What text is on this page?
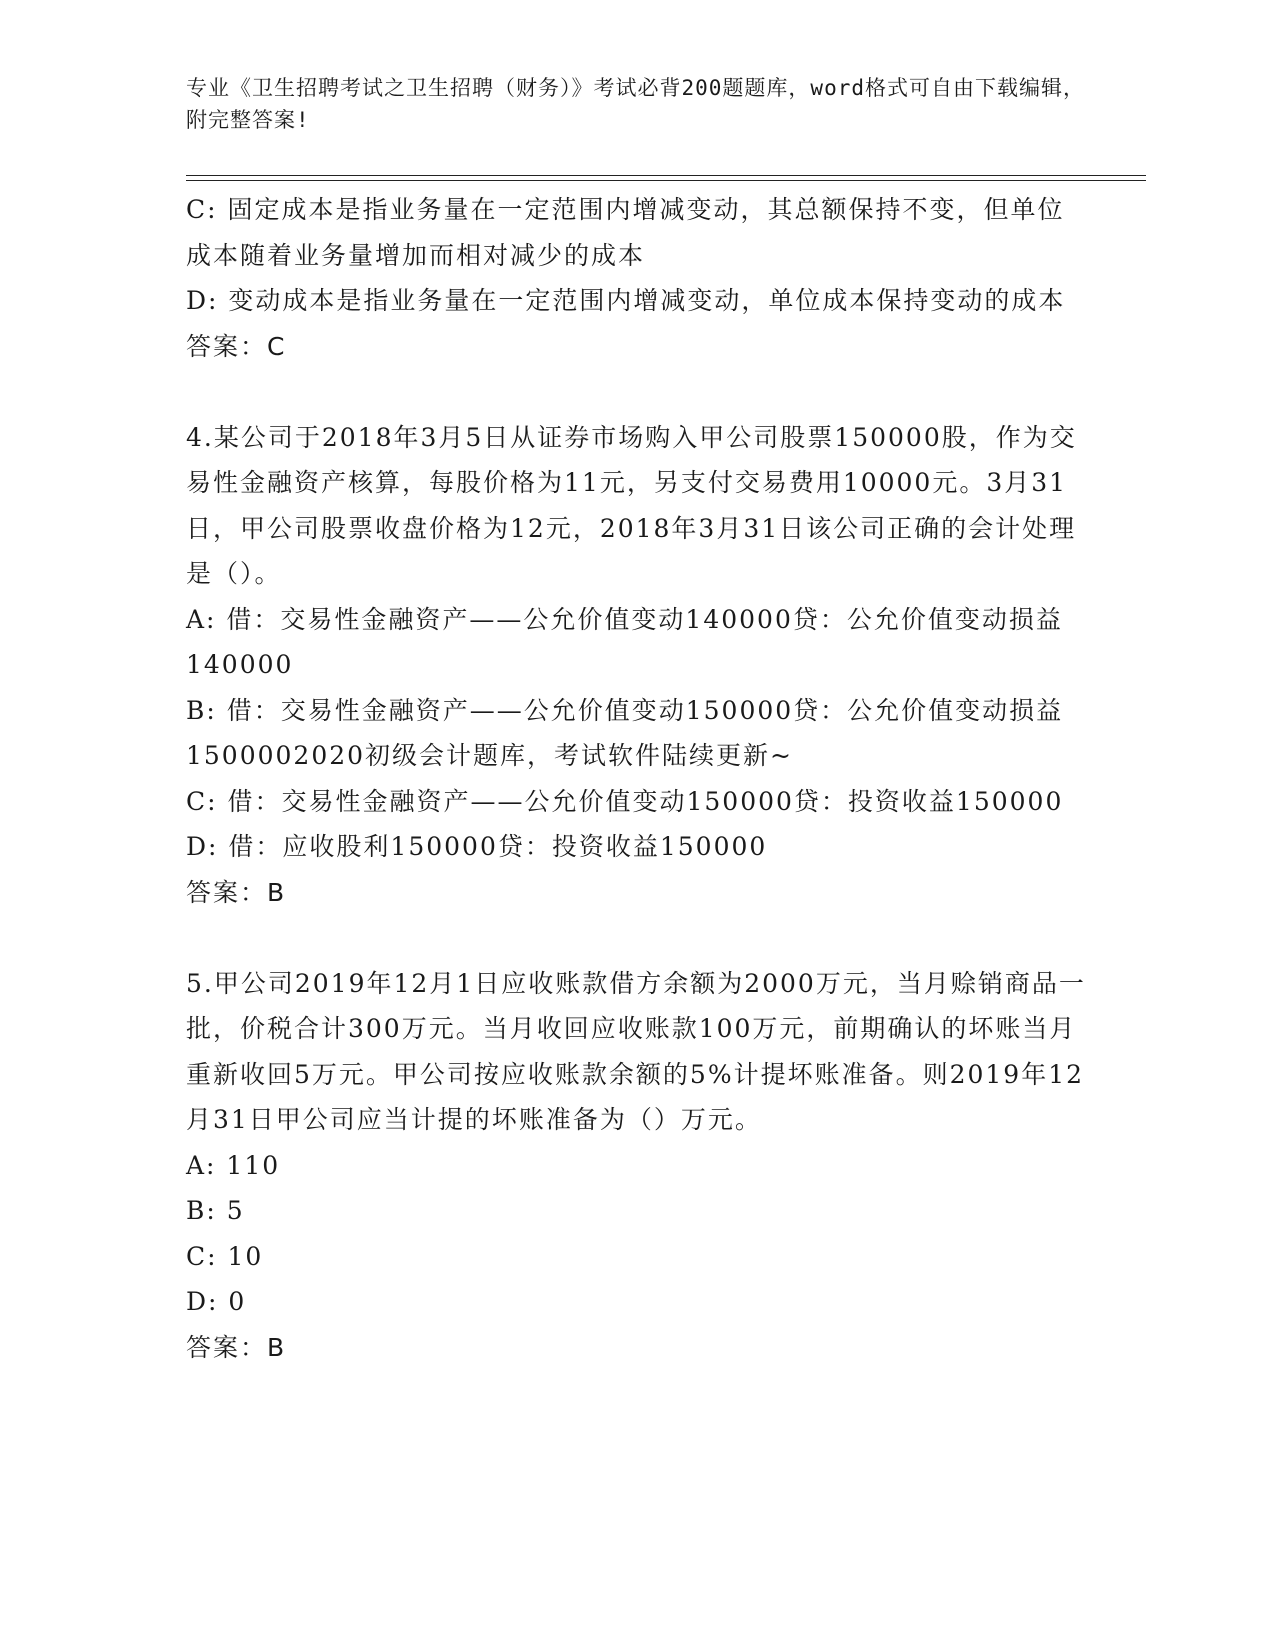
专业《卫生招聘考试之卫生招聘（财务）》考试必背200题题库，word格式可自由下载编辑，附完整答案!

C: 固定成本是指业务量在一定范围内增减变动，其总额保持不变，但单位成本随着业务量增加而相对减少的成本

D: 变动成本是指业务量在一定范围内增减变动，单位成本保持变动的成本

答案：C

4.某公司于2018年3月5日从证券市场购入甲公司股票150000股，作为交易性金融资产核算，每股价格为11元，另支付交易费用10000元。3月31日，甲公司股票收盘价格为12元，2018年3月31日该公司正确的会计处理是（）。

A: 借：交易性金融资产——公允价值变动140000贷：公允价值变动损益140000

B: 借：交易性金融资产——公允价值变动150000贷：公允价值变动损益1500002020初级会计题库，考试软件陆续更新~

C: 借：交易性金融资产——公允价值变动150000贷：投资收益150000

D: 借：应收股利150000贷：投资收益150000

答案：B

5.甲公司2019年12月1日应收账款借方余额为2000万元，当月赊销商品一批，价税合计300万元。当月收回应收账款100万元，前期确认的坏账当月重新收回5万元。甲公司按应收账款余额的5%计提坏账准备。则2019年12月31日甲公司应当计提的坏账准备为（）万元。

A: 110

B: 5

C: 10

D: 0

答案：B
